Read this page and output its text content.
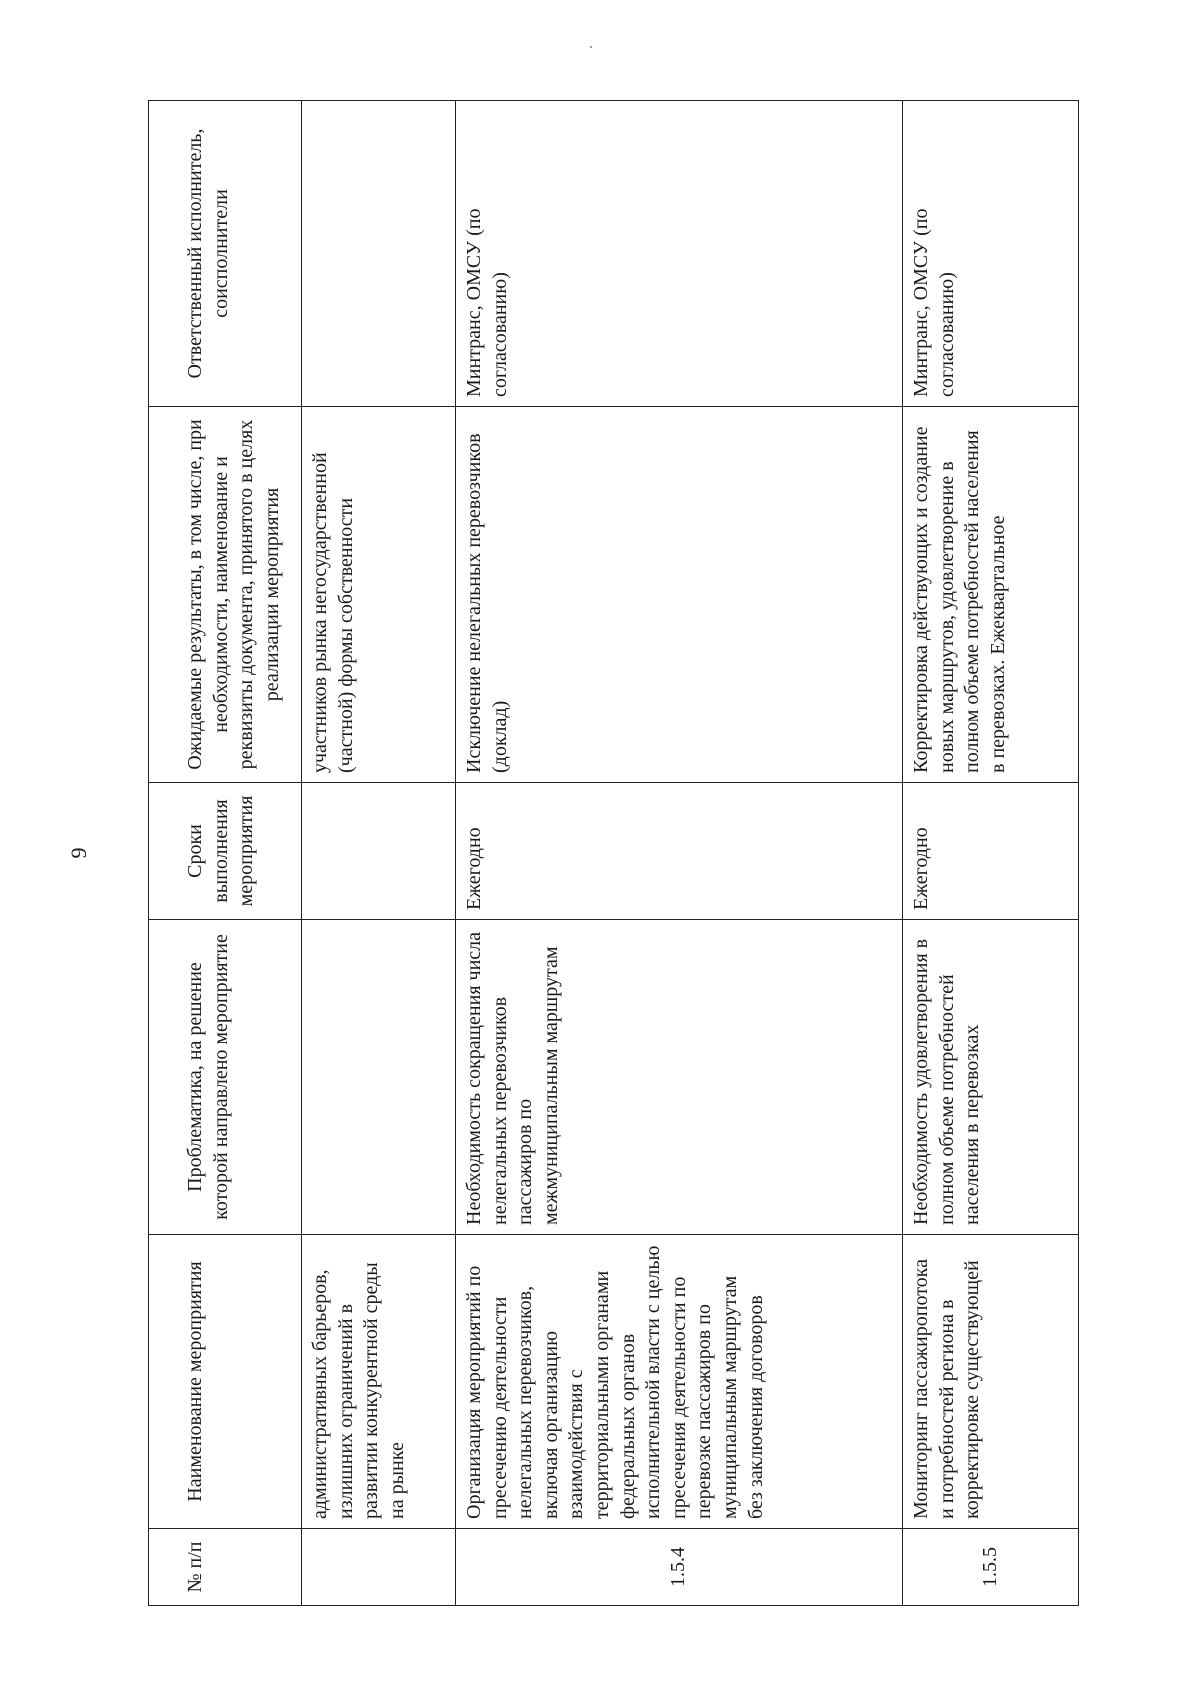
9
№ п/п	Наименование мероприятия	Проблематика, на решение которой направлено мероприятие	Сроки выполнения мероприятия	Ожидаемые результаты, в том числе, при необходимости, наименование и реквизиты документа, принятого в целях реализации мероприятия	Ответственный исполнитель, соисполнители
	административных барьеров, излишних ограничений в развитии конкурентной среды на рынке			участников рынка негосударственной (частной) формы собственности	
1.5.4	Организация мероприятий по пресечению деятельности нелегальных перевозчиков, включая организацию взаимодействия с территориальными органами федеральных органов исполнительной власти с целью пресечения деятельности по перевозке пассажиров по муниципальным маршрутам без заключения договоров	Необходимость сокращения числа нелегальных перевозчиков пассажиров по межмуниципальным маршрутам	Ежегодно	Исключение нелегальных перевозчиков (доклад)	Минтранс, ОМСУ (по согласованию)
1.5.5	Мониторинг пассажиропотока и потребностей региона в корректировке существующей	Необходимость удовлетворения в полном объеме потребностей населения в перевозках	Ежегодно	Корректировка действующих и создание новых маршрутов, удовлетворение в полном объеме потребностей населения в перевозках. Ежеквартальное	Минтранс, ОМСУ (по согласованию)
